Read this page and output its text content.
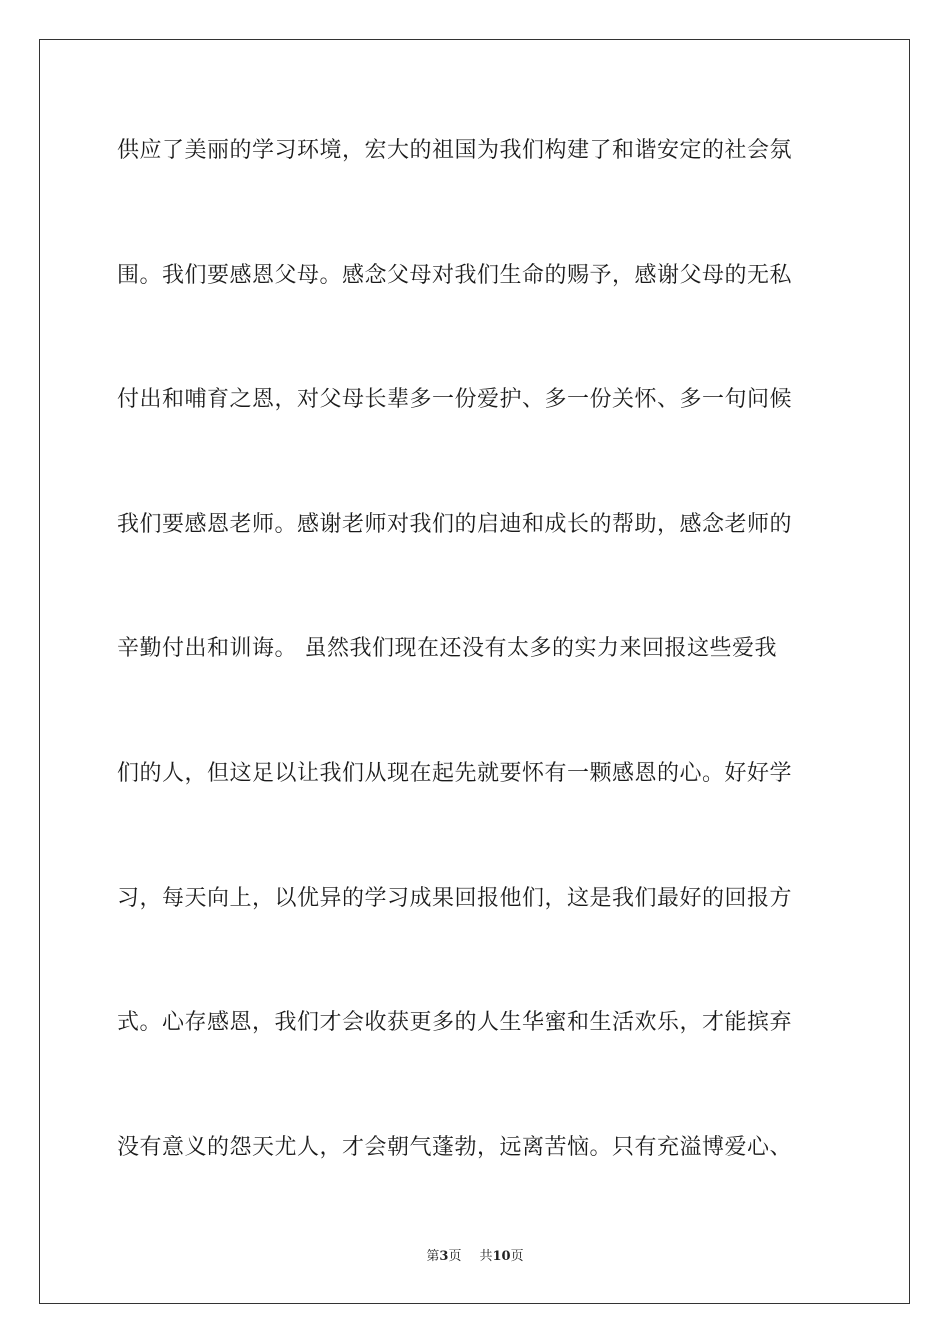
供应了美丽的学习环境，宏大的祖国为我们构建了和谐安定的社会氛
围。我们要感恩父母。感念父母对我们生命的赐予，感谢父母的无私
付出和哺育之恩，对父母长辈多一份爱护、多一份关怀、多一句问候
我们要感恩老师。感谢老师对我们的启迪和成长的帮助，感念老师的
辛勤付出和训诲。 虽然我们现在还没有太多的实力来回报这些爱我
们的人，但这足以让我们从现在起先就要怀有一颗感恩的心。好好学
习，每天向上，以优异的学习成果回报他们，这是我们最好的回报方
式。心存感恩，我们才会收获更多的人生华蜜和生活欢乐，才能摈弃
没有意义的怨天尤人，才会朝气蓬勃，远离苦恼。只有充溢博爱心、
第3页 共10页
